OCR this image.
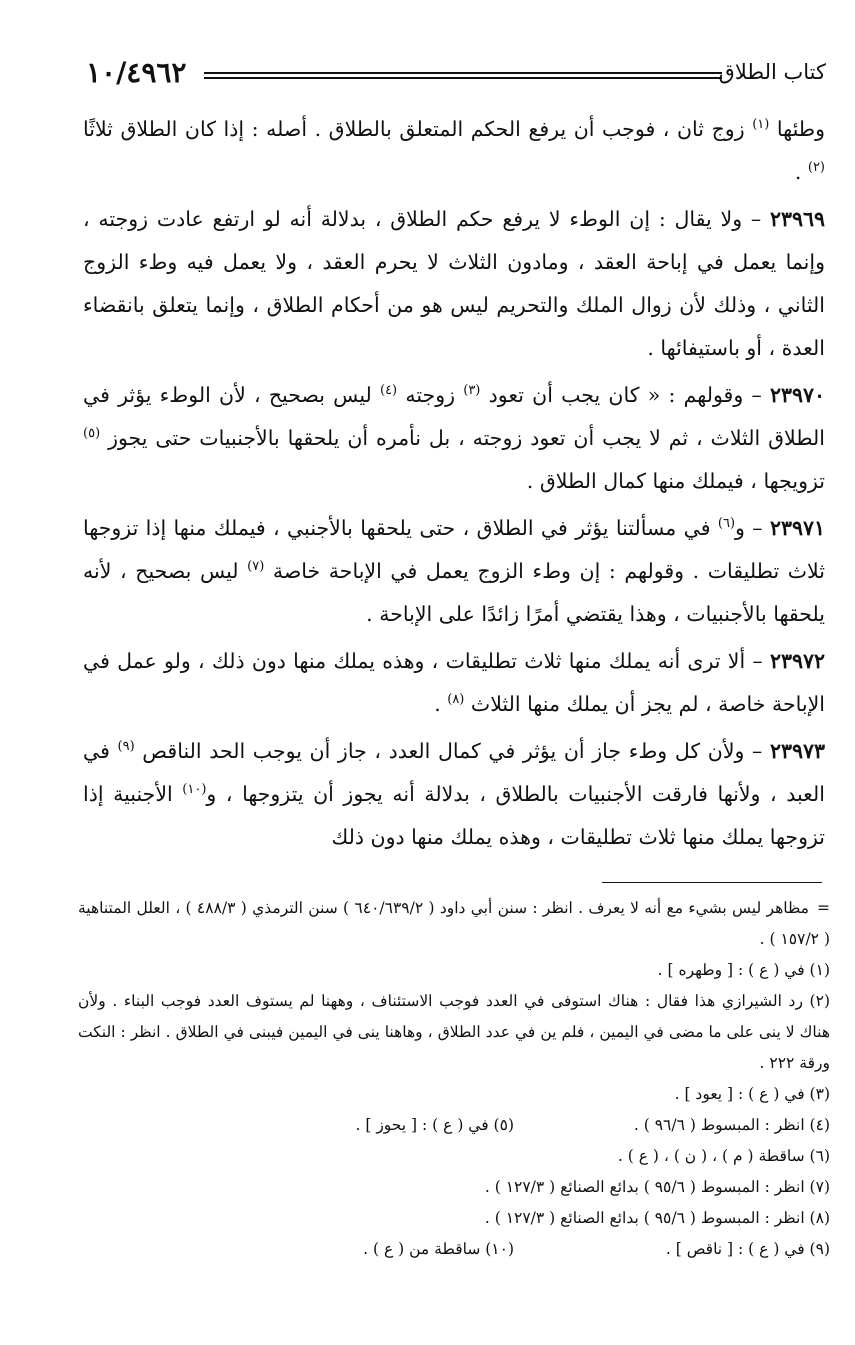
١٠/٤٩٦٢	كتاب الطلاق

وطئها $^{(١)}$ زوج ثان ، فوجب أن يرفع الحكم المتعلق بالطلاق . أصله : إذا كان الطلاق ثلاثًا $^{(٢)}$ .

٢٣٩٦٩ – ولا يقال : إن الوطء لا يرفع حكم الطلاق ، بدلالة أنه لو ارتفع عادت زوجته ، وإنما يعمل في إباحة العقد ، ومادون الثلاث لا يحرم العقد ، ولا يعمل فيه وطء الزوج الثاني ، وذلك لأن زوال الملك والتحريم ليس هو من أحكام الطلاق ، وإنما يتعلق بانقضاء العدة ، أو باستيفائها .

٢٣٩٧٠ – وقولهم : « كان يجب أن تعود $^{(٣)}$ زوجته $^{(٤)}$ ليس بصحيح ، لأن الوطء يؤثر في الطلاق الثلاث ، ثم لا يجب أن تعود زوجته ، بل نأمره أن يلحقها بالأجنبيات حتى يجوز $^{(٥)}$ تزويجها ، فيملك منها كمال الطلاق .

٢٣٩٧١ – و$^{(٦)}$ في مسألتنا يؤثر في الطلاق ، حتى يلحقها بالأجنبي ، فيملك منها إذا تزوجها ثلاث تطليقات . وقولهم : إن وطء الزوج يعمل في الإباحة خاصة $^{(٧)}$ ليس بصحيح ، لأنه يلحقها بالأجنبيات ، وهذا يقتضي أمرًا زائدًا على الإباحة .

٢٣٩٧٢ – ألا ترى أنه يملك منها ثلاث تطليقات ، وهذه يملك منها دون ذلك ، ولو عمل في الإباحة خاصة ، لم يجز أن يملك منها الثلاث $^{(٨)}$ .

٢٣٩٧٣ – ولأن كل وطء جاز أن يؤثر في كمال العدد ، جاز أن يوجب الحد الناقص $^{(٩)}$ في العبد ، ولأنها فارقت الأجنبيات بالطلاق ، بدلالة أنه يجوز أن يتزوجها ، و$^{(١٠)}$ الأجنبية إذا تزوجها يملك منها ثلاث تطليقات ، وهذه يملك منها دون ذلك

=مظاهر ليس بشيء مع أنه لا يعرف . انظر : سنن أبي داود ( ٦٤٠/٦٣٩/٢ ) سنن الترمذي ( ٤٨٨/٣ ) ، العلل المتناهية ( ١٥٧/٢ ) .

(١) في ( ع ) : [ وطهره ] .

(٢) رد الشيرازي هذا فقال : هناك استوفى في العدد فوجب الاستئناف ، وههنا لم يستوف العدد فوجب البناء . ولأن هناك لا ينى على ما مضى في اليمين ، فلم ين في عدد الطلاق ، وهاهنا ينى في اليمين فيبنى في الطلاق . انظر : النكت ورقة ٢٢٢ .

(٣) في ( ع ) : [ يعود ] .
(٤) انظر : المبسوط ( ٩٦/٦ ) .
(٥) في ( ع ) : [ يحوز ] .

(٦) ساقطة ( م ) ، ( ن ) ، ( ع ) .

(٧) انظر : المبسوط ( ٩٥/٦ ) بدائع الصنائع ( ١٢٧/٣ ) .

(٨) انظر : المبسوط ( ٩٥/٦ ) بدائع الصنائع ( ١٢٧/٣ ) .

(٩) في ( ع ) : [ ناقص ] .
(١٠) ساقطة من ( ع ) .
